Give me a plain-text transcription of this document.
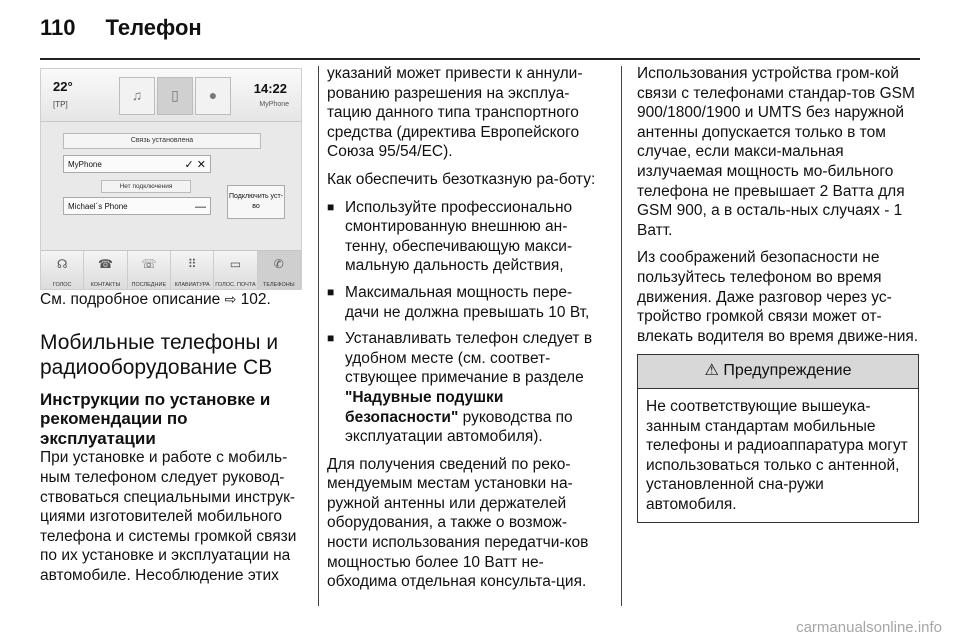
110 Телефон
22°
[TP]
♫	▯	●	14:22
MyPhone
Связь установлена
MyPhone	✓ ✕
Нет подключения
Michael´s Phone	—
Подключить уст-во
☊
ГОЛОС
☎
КОНТАКТЫ
☏
ПОСЛЕДНИЕ
⠿
КЛАВИАТУРА
▭
ГОЛОС. ПОЧТА
✆
ТЕЛЕФОНЫ

См. подробное описание ⇨ 102.

Мобильные телефоны и радиооборудование СВ
Инструкции по установке и рекомендации по эксплуатации

При установке и работе с мобиль-ным телефоном следует руковод-ствоваться специальными инструк-циями изготовителей мобильного телефона и системы громкой связи по их установке и эксплуатации на автомобиле. Несоблюдение этих

указаний может привести к аннули-рованию разрешения на эксплуа-тацию данного типа транспортного средства (директива Европейского Союза 95/54/EC).

Как обеспечить безотказную ра-боту:

■ Используйте профессионально смонтированную внешнюю ан-тенну, обеспечивающую макси-мальную дальность действия,
■ Максимальная мощность пере-дачи не должна превышать 10 Вт,
■ Устанавливать телефон следует в удобном месте (см. соответ-ствующее примечание в разделе "Надувные подушки безопасности" руководства по эксплуатации автомобиля).

Для получения сведений по реко-мендуемым местам установки на-ружной антенны или держателей оборудования, а также о возмож-ности использования передатчи-ков мощностью более 10 Ватт не-обходима отдельная консульта-ция.

Использования устройства гром-кой связи с телефонами стандар-тов GSM 900/1800/1900 и UMTS без наружной антенны допускается только в том случае, если макси-мальная излучаемая мощность мо-бильного телефона не превышает 2 Ватта для GSM 900, а в осталь-ных случаях - 1 Ватт.

Из соображений безопасности не пользуйтесь телефоном во время движения. Даже разговор через ус-тройство громкой связи может от-влекать водителя во время движе-ния.

⚠ Предупреждение
Не соответствующие вышеука-занным стандартам мобильные телефоны и радиоаппаратура могут использоваться только с антенной, установленной сна-ружи автомобиля.
carmanualsonline.info
